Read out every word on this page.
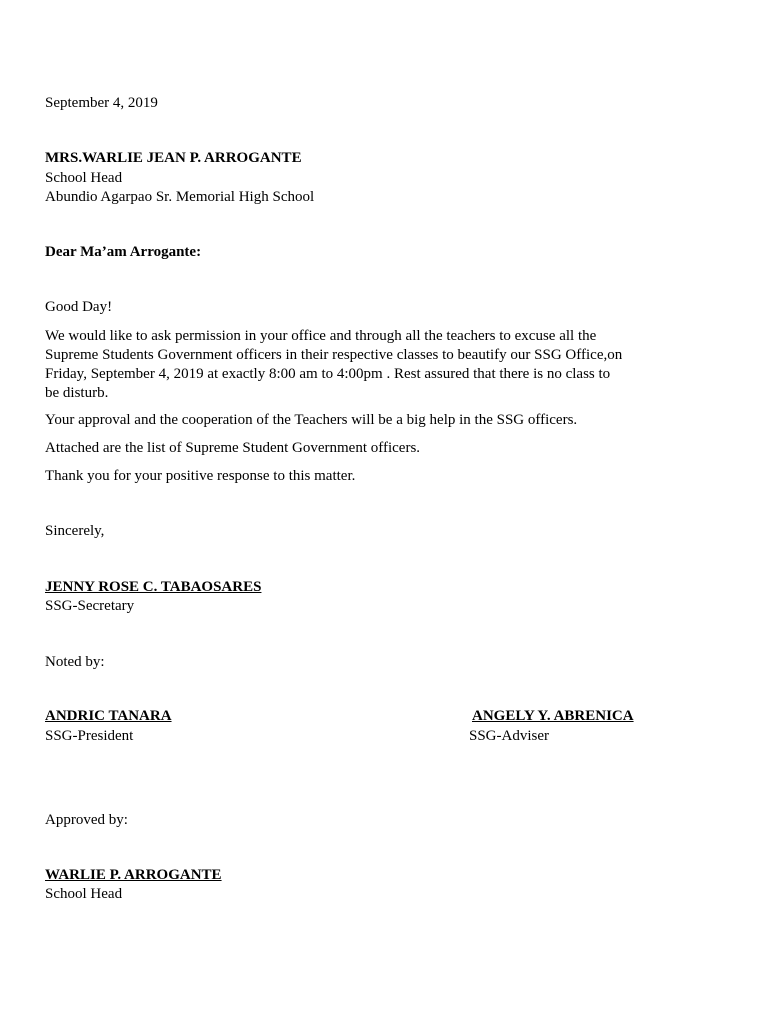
September 4, 2019
MRS.WARLIE JEAN P. ARROGANTE
School Head
Abundio Agarpao Sr. Memorial High School
Dear Ma’am Arrogante:
Good Day!
We would like to ask permission in your office and through all the teachers to excuse all the
Supreme Students Government officers in their respective classes to beautify our SSG Office,on
Friday, September 4, 2019 at exactly 8:00 am to 4:00pm . Rest assured that there is no class to
be disturb.
Your approval and the cooperation of the Teachers will be a big help in the SSG officers.
Attached are the list of Supreme Student Government officers.
Thank you for your positive response to this matter.
Sincerely,
JENNY ROSE C. TABAOSARES
SSG-Secretary
Noted by:
ANDRIC TANARA
SSG-President
ANGELY Y. ABRENICA
SSG-Adviser
Approved by:
WARLIE P. ARROGANTE
School Head
